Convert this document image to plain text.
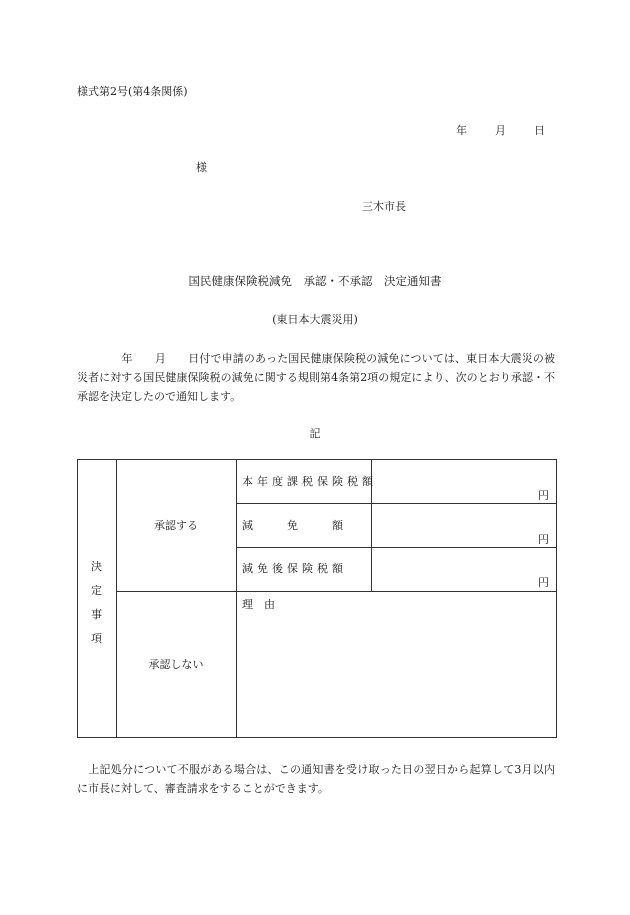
様式第2号(第4条関係)
年	月	日
様
三木市長
国民健康保険税減免　承認・不承認　決定通知書
(東日本大震災用)
　　　　年　　月　　日付で申請のあった国民健康保険税の減免については、東日本大震災の被災者に対する国民健康保険税の減免に関する規則第4条第2項の規定により、次のとおり承認・不承認を決定したので通知します。
記
決
定
事
項
承認する
承認しない
本年度課税保険税額
減　　免　　額
減免後保険税額
円
円
円
理　由
　上記処分について不服がある場合は、この通知書を受け取った日の翌日から起算して3月以内に市長に対して、審査請求をすることができます。
